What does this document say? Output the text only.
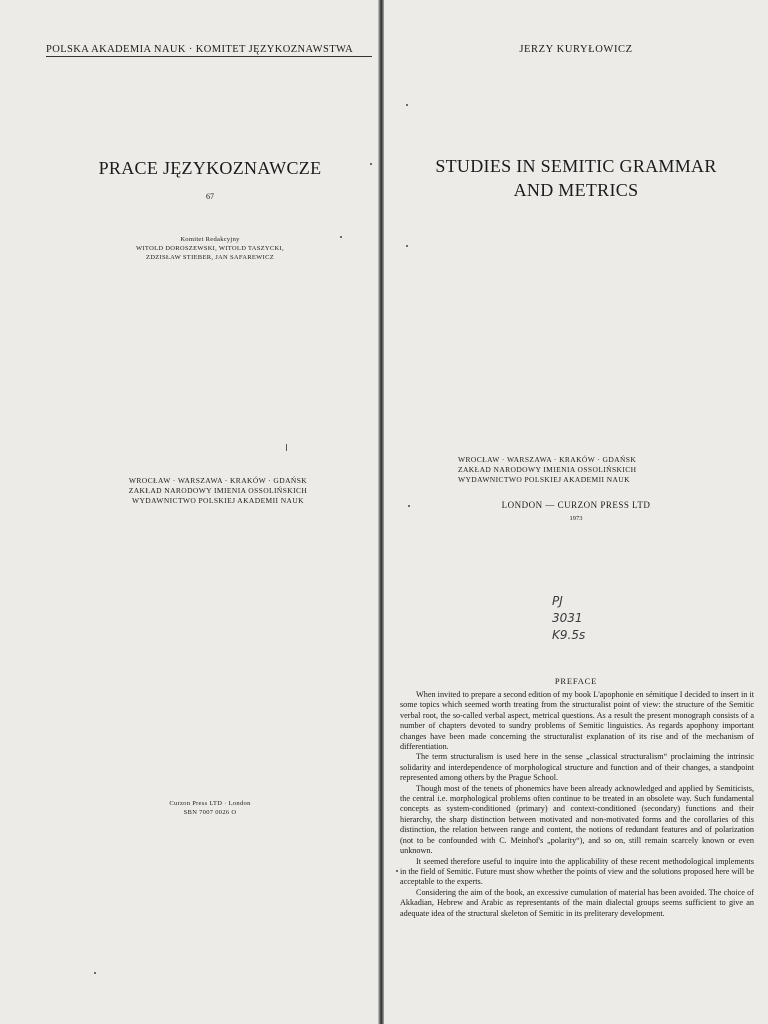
POLSKA AKADEMIA NAUK · KOMITET JĘZYKOZNAWSTWA
PRACE JĘZYKOZNAWCZE
67
Komitet Redakcyjny
WITOLD DOROSZEWSKI, WITOLD TASZYCKI,
ZDZISŁAW STIEBER, JAN SAFAREWICZ
WROCŁAW · WARSZAWA · KRAKÓW · GDAŃSK
ZAKŁAD NARODOWY IMIENIA OSSOLIŃSKICH
WYDAWNICTWO POLSKIEJ AKADEMII NAUK
Curzon Press LTD · London
SBN 7007 0026 O
JERZY KURYŁOWICZ
STUDIES IN SEMITIC GRAMMAR
AND METRICS
WROCŁAW · WARSZAWA · KRAKÓW · GDAŃSK
ZAKŁAD NARODOWY IMIENIA OSSOLIŃSKICH
WYDAWNICTWO POLSKIEJ AKADEMII NAUK
LONDON — CURZON PRESS LTD
1973
PJ
3031
K9.5s
PREFACE

When invited to prepare a second edition of my book L'apophonie en sémitique I decided to insert in it some topics which seemed worth treating from the structuralist point of view: the structure of the Semitic verbal root, the so-called verbal aspect, metrical questions. As a result the present monograph consists of a number of chapters devoted to sundry problems of Semitic linguistics. As regards apophony important changes have been made concerning the structuralist explanation of its rise and of the mechanism of differentiation.

The term structuralism is used here in the sense „classical structuralism“ proclaiming the intrinsic solidarity and interdependence of morphological structure and function and of their changes, a standpoint represented among others by the Prague School.

Though most of the tenets of phonemics have been already acknowledged and applied by Semiticists, the central i.e. morphological problems often continue to be treated in an obsolete way. Such fundamental concepts as system-conditioned (primary) and context-conditioned (secondary) functions and their hierarchy, the sharp distinction between motivated and non-motivated forms and the corollaries of this distinction, the relation between range and content, the notions of redundant features and of polarization (not to be confounded with C. Meinhof's „polarity“), and so on, still remain scarcely known or even unknown.

It seemed therefore useful to inquire into the applicability of these recent methodological implements in the field of Semitic. Future must show whether the points of view and the solutions proposed here will be acceptable to the experts.

Considering the aim of the book, an excessive cumulation of material has been avoided. The choice of Akkadian, Hebrew and Arabic as representants of the main dialectal groups seems sufficient to give an adequate idea of the structural skeleton of Semitic in its preliterary development.
